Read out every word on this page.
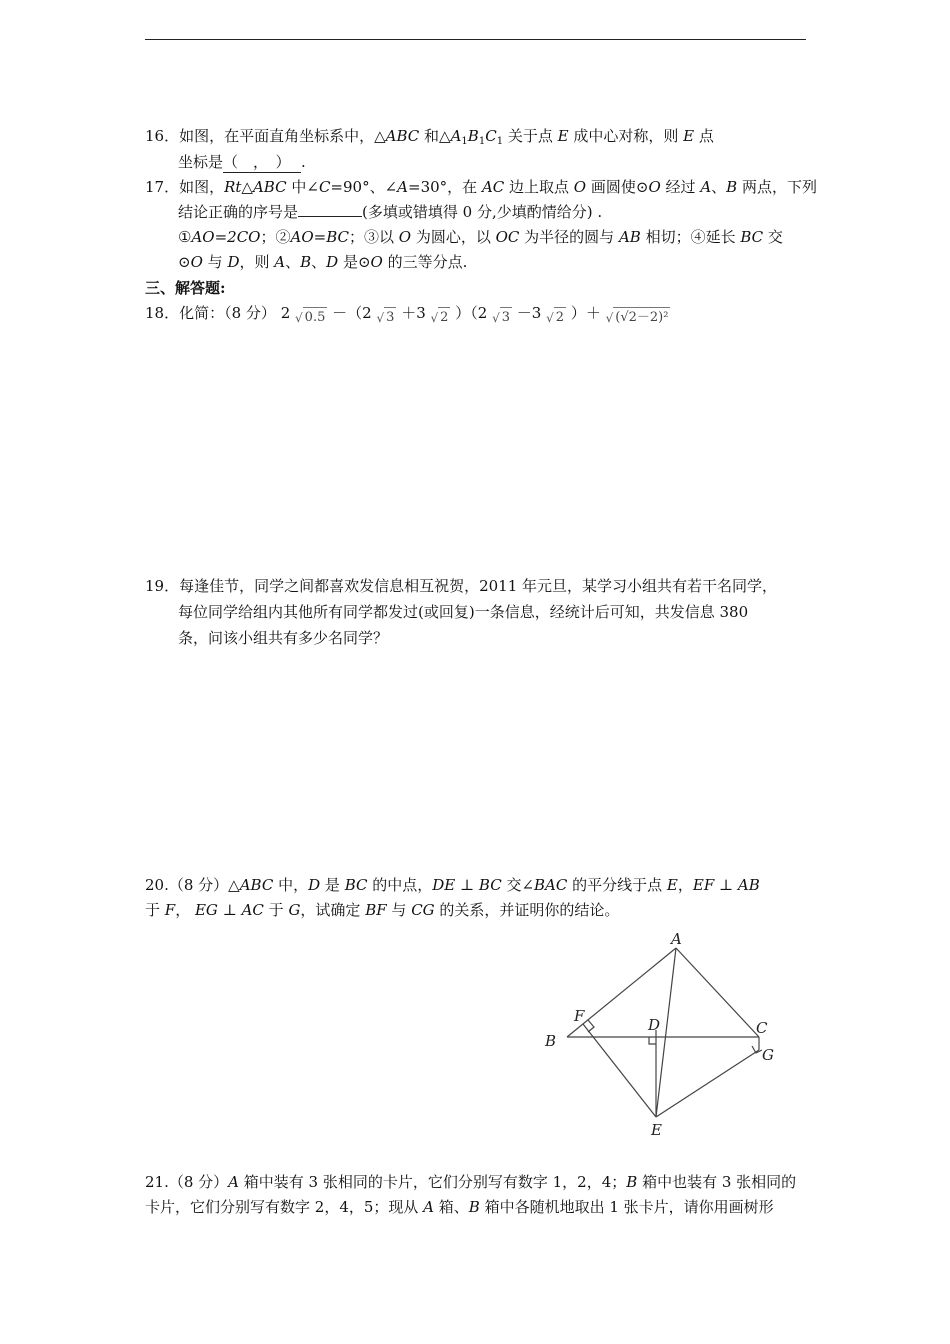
16．如图，在平面直角坐标系中，△ABC 和$\triangle A_1B_1C_1$ 关于点 E 成中心对称，则 E 点
坐标是（　，　） .
17．如图，Rt△ABC 中∠C=90°、∠A=30°，在 AC 边上取点 O 画圆使⊙O 经过 A、B 两点，下列
结论正确的序号是	(多填或错填得 0 分,少填酌情给分) .
①AO=2CO；②AO=BC；③以 O 为圆心，以 OC 为半径的圆与 AB 相切；④延长 BC 交
⊙O 与 D，则 A、B、D 是⊙O 的三等分点.
三、解答题:
18．化简：（8 分） 2 $_√$ 0.5 －（2 $_√$ 3 ＋3 $_√$ 2 ）（2 $_√$ 3 －3 $_√$ 2 ）＋ $_√$ (√2－2)²
19．每逢佳节，同学之间都喜欢发信息相互祝贺，2011 年元旦，某学习小组共有若干名同学，
每位同学给组内其他所有同学都发过(或回复)一条信息，经统计后可知，共发信息 380
条，问该小组共有多少名同学？
20.（8 分）△ABC 中，D 是 BC 的中点，DE ⊥ BC 交∠BAC 的平分线于点 E，EF ⊥ AB
于 F， EG ⊥ AC 于 G，试确定 BF 与 CG 的关系，并证明你的结论。
A
B
C
D
E
F
G
21.（8 分）A 箱中装有 3 张相同的卡片，它们分别写有数字 1，2，4；B 箱中也装有 3 张相同的
卡片，它们分别写有数字 2，4，5；现从 A 箱、B 箱中各随机地取出 1 张卡片，请你用画树形
